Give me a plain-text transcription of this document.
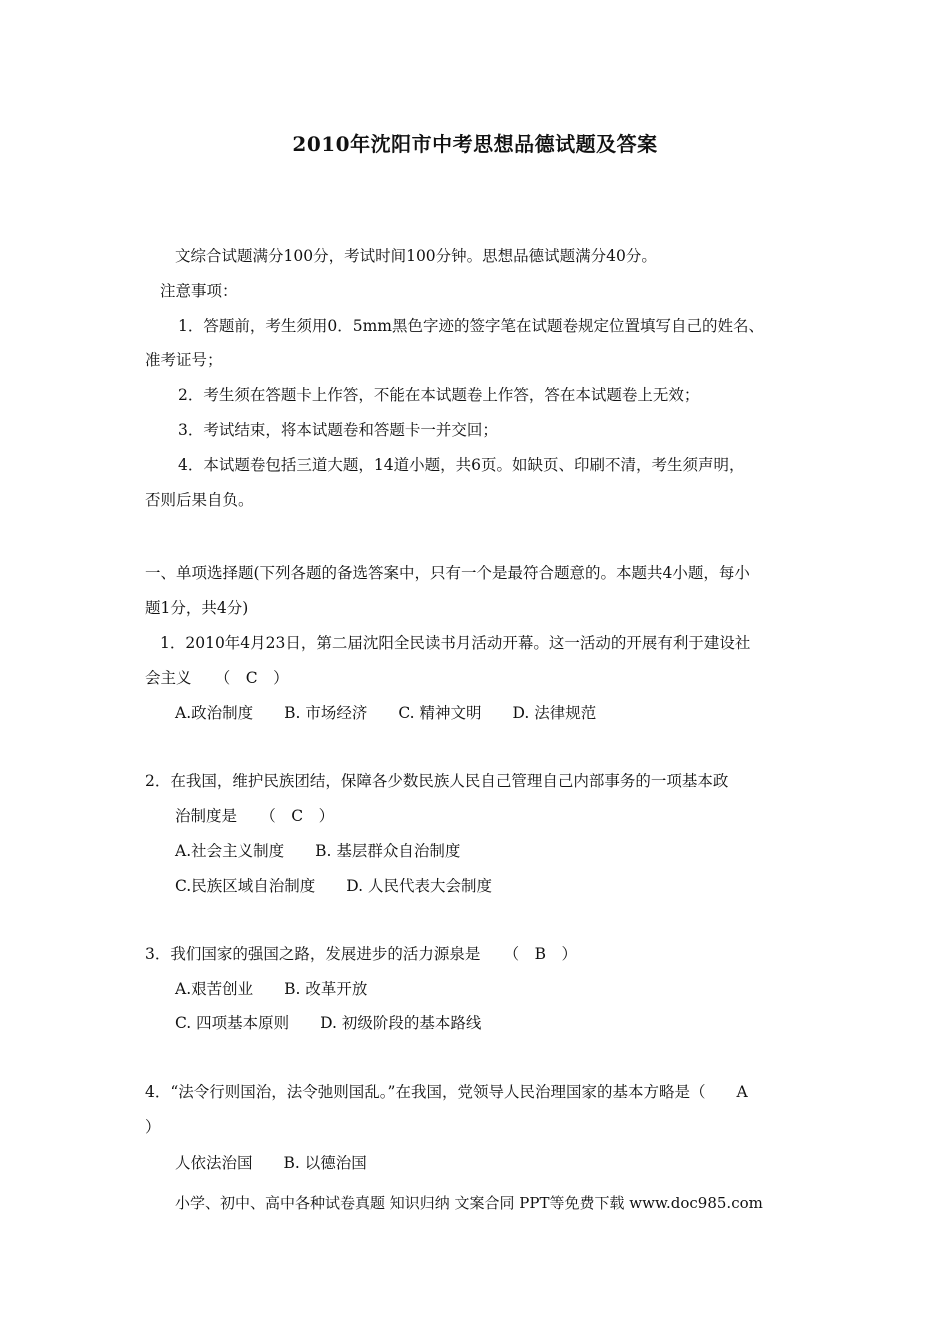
2010年沈阳市中考思想品德试题及答案
文综合试题满分100分，考试时间100分钟。思想品德试题满分40分。
注意事项：
1．答题前，考生须用0．5mm黑色字迹的签字笔在试题卷规定位置填写自己的姓名、
准考证号；
2．考生须在答题卡上作答，不能在本试题卷上作答，答在本试题卷上无效；
3．考试结束，将本试题卷和答题卡一并交回；
4．本试题卷包括三道大题，14道小题，共6页。如缺页、印刷不清，考生须声明，
否则后果自负。
一、单项选择题(下列各题的备选答案中，只有一个是最符合题意的。本题共4小题，每小
题1分，共4分)
1．2010年4月23日，第二届沈阳全民读书月活动开幕。这一活动的开展有利于建设社
会主义　　（　C　）
A.政治制度　　B. 市场经济　　C. 精神文明　　D. 法律规范
2．在我国，维护民族团结，保障各少数民族人民自己管理自己内部事务的一项基本政
治制度是　　（　C　）
A.社会主义制度　　B. 基层群众自治制度
C.民族区域自治制度　　D. 人民代表大会制度
3．我们国家的强国之路，发展进步的活力源泉是　　（　B　）
A.艰苦创业　　B. 改革开放
C. 四项基本原则　　D. 初级阶段的基本路线
4．“法令行则国治，法令弛则国乱。”在我国，党领导人民治理国家的基本方略是（　　A
）
人依法治国　　B. 以德治国
小学、初中、高中各种试卷真题 知识归纳 文案合同 PPT等免费下载 www.doc985.com
